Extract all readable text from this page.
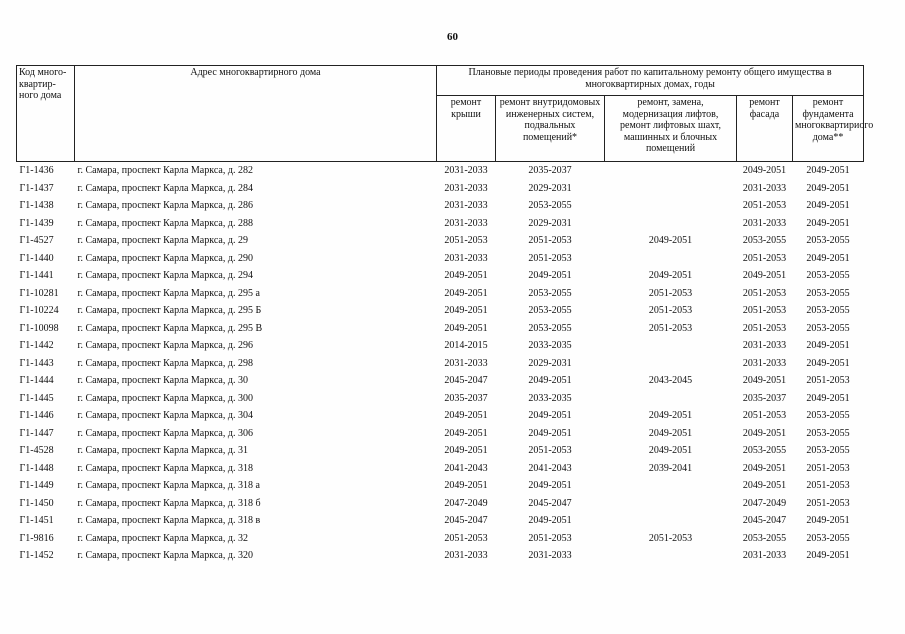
60
Код много-квартир-ного дома	Адрес многоквартирного дома	Плановые периоды проведения работ по капитальному ремонту общего имущества в многоквартирных домах, годы				
		ремонт крыши	ремонт внутридомовых инженерных систем, подвальных помещений*	ремонт, замена, модернизация лифтов, ремонт лифтовых шахт, машинных и блочных помещений	ремонт фасада	ремонт фундамента многоквартириого дома**
Г1-1436	г. Самара, проспект Карла Маркса, д. 282	2031-2033	2035-2037		2049-2051	2049-2051
Г1-1437	г. Самара, проспект Карла Маркса, д. 284	2031-2033	2029-2031		2031-2033	2049-2051
Г1-1438	г. Самара, проспект Карла Маркса, д. 286	2031-2033	2053-2055		2051-2053	2049-2051
Г1-1439	г. Самара, проспект Карла Маркса, д. 288	2031-2033	2029-2031		2031-2033	2049-2051
Г1-4527	г. Самара, проспект Карла Маркса, д. 29	2051-2053	2051-2053	2049-2051	2053-2055	2053-2055
Г1-1440	г. Самара, проспект Карла Маркса, д. 290	2031-2033	2051-2053		2051-2053	2049-2051
Г1-1441	г. Самара, проспект Карла Маркса, д. 294	2049-2051	2049-2051	2049-2051	2049-2051	2053-2055
Г1-10281	г. Самара, проспект Карла Маркса, д. 295 а	2049-2051	2053-2055	2051-2053	2051-2053	2053-2055
Г1-10224	г. Самара, проспект Карла Маркса, д. 295 Б	2049-2051	2053-2055	2051-2053	2051-2053	2053-2055
Г1-10098	г. Самара, проспект Карла Маркса, д. 295 В	2049-2051	2053-2055	2051-2053	2051-2053	2053-2055
Г1-1442	г. Самара, проспект Карла Маркса, д. 296	2014-2015	2033-2035		2031-2033	2049-2051
Г1-1443	г. Самара, проспект Карла Маркса, д. 298	2031-2033	2029-2031		2031-2033	2049-2051
Г1-1444	г. Самара, проспект Карла Маркса, д. 30	2045-2047	2049-2051	2043-2045	2049-2051	2051-2053
Г1-1445	г. Самара, проспект Карла Маркса, д. 300	2035-2037	2033-2035		2035-2037	2049-2051
Г1-1446	г. Самара, проспект Карла Маркса, д. 304	2049-2051	2049-2051	2049-2051	2051-2053	2053-2055
Г1-1447	г. Самара, проспект Карла Маркса, д. 306	2049-2051	2049-2051	2049-2051	2049-2051	2053-2055
Г1-4528	г. Самара, проспект Карла Маркса, д. 31	2049-2051	2051-2053	2049-2051	2053-2055	2053-2055
Г1-1448	г. Самара, проспект Карла Маркса, д. 318	2041-2043	2041-2043	2039-2041	2049-2051	2051-2053
Г1-1449	г. Самара, проспект Карла Маркса, д. 318 а	2049-2051	2049-2051		2049-2051	2051-2053
Г1-1450	г. Самара, проспект Карла Маркса, д. 318 б	2047-2049	2045-2047		2047-2049	2051-2053
Г1-1451	г. Самара, проспект Карла Маркса, д. 318 в	2045-2047	2049-2051		2045-2047	2049-2051
Г1-9816	г. Самара, проспект Карла Маркса, д. 32	2051-2053	2051-2053	2051-2053	2053-2055	2053-2055
Г1-1452	г. Самара, проспект Карла Маркса, д. 320	2031-2033	2031-2033		2031-2033	2049-2051
